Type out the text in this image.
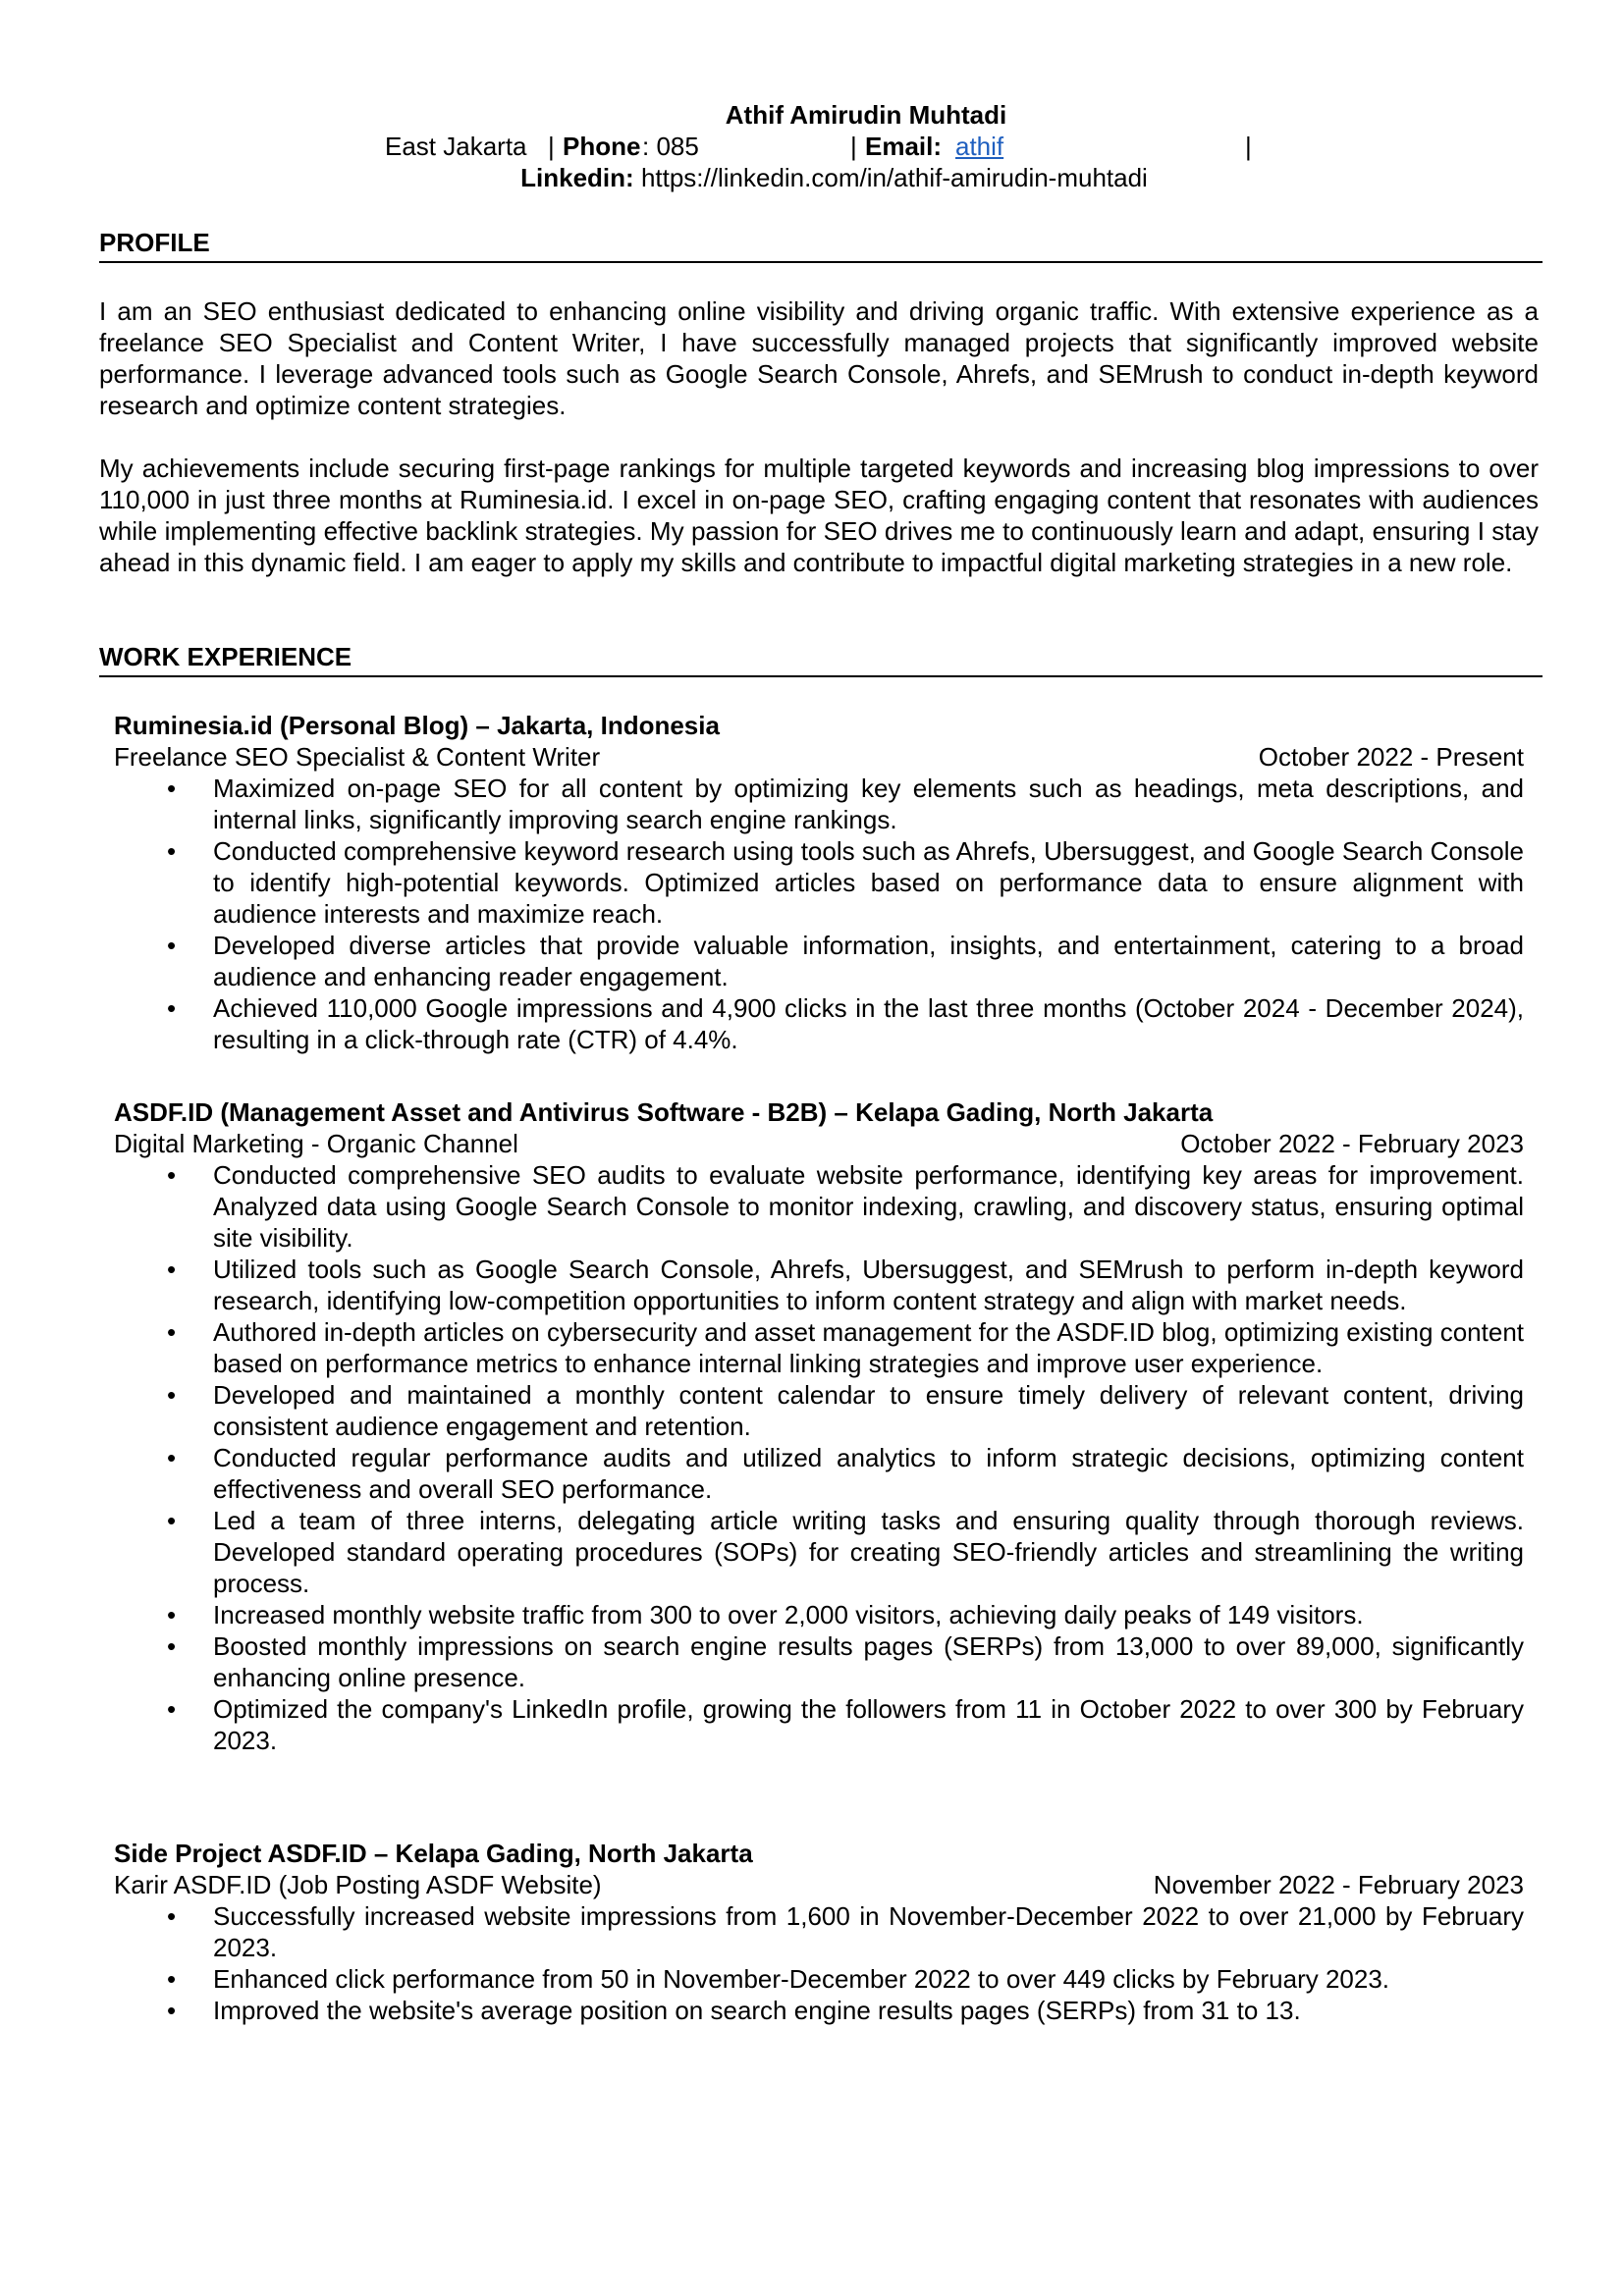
Athif Amirudin Muhtadi
East Jakarta | Phone : 085	| Email: athif	|
Linkedin: https://linkedin.com/in/athif-amirudin-muhtadi
PROFILE

I am an SEO enthusiast dedicated to enhancing online visibility and driving organic traffic. With extensive experience as a freelance SEO Specialist and Content Writer, I have successfully managed projects that significantly improved website performance. I leverage advanced tools such as Google Search Console, Ahrefs, and SEMrush to conduct in-depth keyword research and optimize content strategies.

My achievements include securing first-page rankings for multiple targeted keywords and increasing blog impressions to over 110,000 in just three months at Ruminesia.id. I excel in on-page SEO, crafting engaging content that resonates with audiences while implementing effective backlink strategies. My passion for SEO drives me to continuously learn and adapt, ensuring I stay ahead in this dynamic field. I am eager to apply my skills and contribute to impactful digital marketing strategies in a new role.

WORK EXPERIENCE
Ruminesia.id (Personal Blog) – Jakarta, Indonesia
Freelance SEO Specialist & Content Writer	October 2022 - Present
• Maximized on-page SEO for all content by optimizing key elements such as headings, meta descriptions, and internal links, significantly improving search engine rankings.
• Conducted comprehensive keyword research using tools such as Ahrefs, Ubersuggest, and Google Search Console to identify high-potential keywords. Optimized articles based on performance data to ensure alignment with audience interests and maximize reach.
• Developed diverse articles that provide valuable information, insights, and entertainment, catering to a broad audience and enhancing reader engagement.
• Achieved 110,000 Google impressions and 4,900 clicks in the last three months (October 2024 - December 2024), resulting in a click-through rate (CTR) of 4.4%.
ASDF.ID (Management Asset and Antivirus Software - B2B) – Kelapa Gading, North Jakarta
Digital Marketing - Organic Channel	October 2022 - February 2023
• Conducted comprehensive SEO audits to evaluate website performance, identifying key areas for improvement. Analyzed data using Google Search Console to monitor indexing, crawling, and discovery status, ensuring optimal site visibility.
• Utilized tools such as Google Search Console, Ahrefs, Ubersuggest, and SEMrush to perform in-depth keyword research, identifying low-competition opportunities to inform content strategy and align with market needs.
• Authored in-depth articles on cybersecurity and asset management for the ASDF.ID blog, optimizing existing content based on performance metrics to enhance internal linking strategies and improve user experience.
• Developed and maintained a monthly content calendar to ensure timely delivery of relevant content, driving consistent audience engagement and retention.
• Conducted regular performance audits and utilized analytics to inform strategic decisions, optimizing content effectiveness and overall SEO performance.
• Led a team of three interns, delegating article writing tasks and ensuring quality through thorough reviews. Developed standard operating procedures (SOPs) for creating SEO-friendly articles and streamlining the writing process.
• Increased monthly website traffic from 300 to over 2,000 visitors, achieving daily peaks of 149 visitors.
• Boosted monthly impressions on search engine results pages (SERPs) from 13,000 to over 89,000, significantly enhancing online presence.
• Optimized the company's LinkedIn profile, growing the followers from 11 in October 2022 to over 300 by February 2023.
Side Project ASDF.ID – Kelapa Gading, North Jakarta
Karir ASDF.ID (Job Posting ASDF Website)	November 2022 - February 2023
• Successfully increased website impressions from 1,600 in November-December 2022 to over 21,000 by February 2023.
• Enhanced click performance from 50 in November-December 2022 to over 449 clicks by February 2023.
• Improved the website's average position on search engine results pages (SERPs) from 31 to 13.
